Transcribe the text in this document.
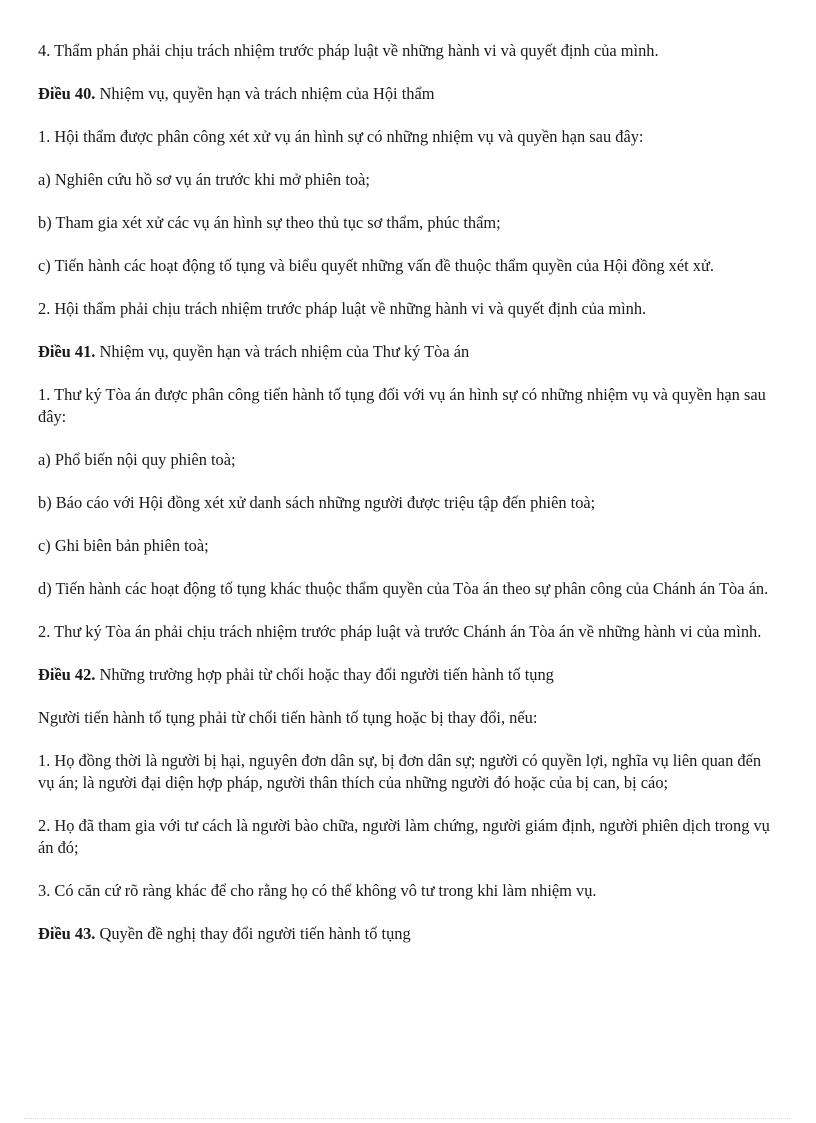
4. Thẩm phán phải chịu trách nhiệm trước pháp luật về những hành vi và quyết định của mình.

Điều 40. Nhiệm vụ, quyền hạn và trách nhiệm của Hội thẩm

1. Hội thẩm được phân công xét xử vụ án hình sự có những nhiệm vụ và quyền hạn sau đây:

a) Nghiên cứu hồ sơ vụ án trước khi mở phiên toà;

b) Tham gia xét xử các vụ án hình sự theo thủ tục sơ thẩm, phúc thẩm;

c) Tiến hành các hoạt động tố tụng và biểu quyết những vấn đề thuộc thẩm quyền của Hội đồng xét xử.

2. Hội thẩm phải chịu trách nhiệm trước pháp luật về những hành vi và quyết định của mình.

Điều 41. Nhiệm vụ, quyền hạn và trách nhiệm của Thư ký Tòa án

1. Thư ký Tòa án được phân công tiến hành tố tụng đối với vụ án hình sự có những nhiệm vụ và quyền hạn sau đây:

a) Phổ biến nội quy phiên toà;

b) Báo cáo với Hội đồng xét xử danh sách những người được triệu tập đến phiên toà;

c) Ghi biên bản phiên toà;

d) Tiến hành các hoạt động tố tụng khác thuộc thẩm quyền của Tòa án theo sự phân công của Chánh án Tòa án.

2. Thư ký Tòa án phải chịu trách nhiệm trước pháp luật và trước Chánh án Tòa án về những hành vi của mình.

Điều 42. Những trường hợp phải từ chối hoặc thay đổi người tiến hành tố tụng

Người tiến hành tố tụng phải từ chối tiến hành tố tụng hoặc bị thay đổi, nếu:

1. Họ đồng thời là người bị hại, nguyên đơn dân sự, bị đơn dân sự; người có quyền lợi, nghĩa vụ liên quan đến vụ án; là người đại diện hợp pháp, người thân thích của những người đó hoặc của bị can, bị cáo;

2. Họ đã tham gia với tư cách là người bào chữa, người làm chứng, người giám định, người phiên dịch trong vụ án đó;

3. Có căn cứ rõ ràng khác để cho rằng họ có thể không vô tư trong khi làm nhiệm vụ.

Điều 43. Quyền đề nghị thay đổi người tiến hành tố tụng
